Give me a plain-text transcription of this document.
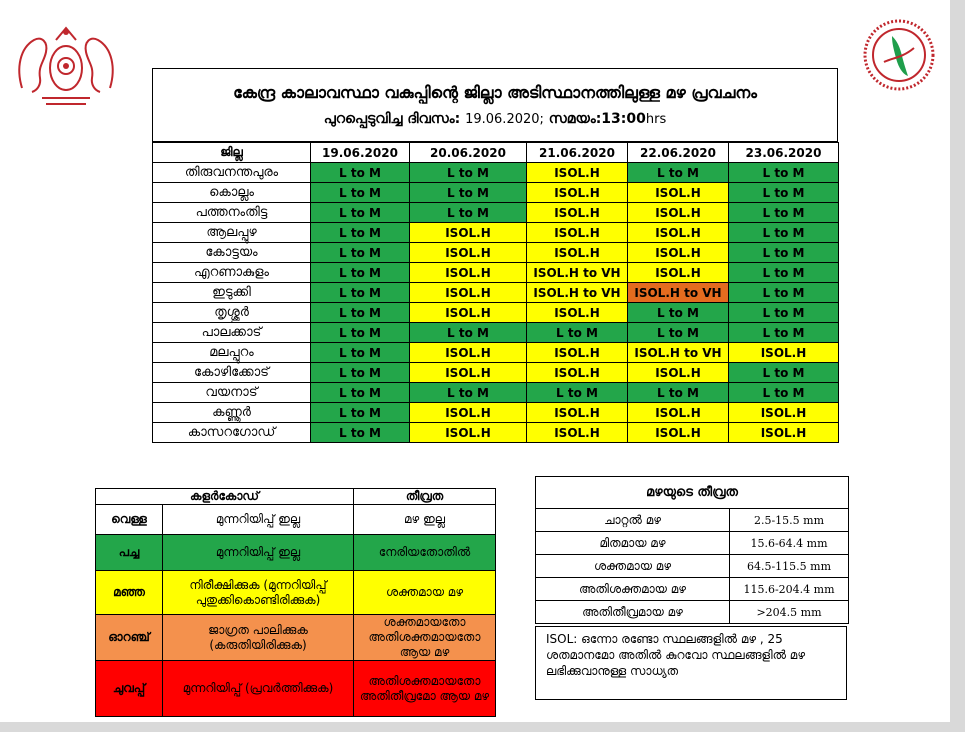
കേന്ദ്ര കാലാവസ്ഥാ വകുപ്പിന്റെ ജില്ലാ അടിസ്ഥാനത്തിലുള്ള മഴ പ്രവചനം
പുറപ്പെടുവിച്ച ദിവസം: 19.06.2020; സമയം:13:00hrs
ജില്ല	19.06.2020	20.06.2020	21.06.2020	22.06.2020	23.06.2020
തിരുവനന്തപുരം	L to M	L to M	ISOL.H	L to M	L to M
കൊല്ലം	L to M	L to M	ISOL.H	ISOL.H	L to M
പത്തനംതിട്ട	L to M	L to M	ISOL.H	ISOL.H	L to M
ആലപ്പുഴ	L to M	ISOL.H	ISOL.H	ISOL.H	L to M
കോട്ടയം	L to M	ISOL.H	ISOL.H	ISOL.H	L to M
എറണാകുളം	L to M	ISOL.H	ISOL.H to VH	ISOL.H	L to M
ഇടുക്കി	L to M	ISOL.H	ISOL.H to VH	ISOL.H to VH	L to M
തൃശ്ശൂർ	L to M	ISOL.H	ISOL.H	L to M	L to M
പാലക്കാട്	L to M	L to M	L to M	L to M	L to M
മലപ്പുറം	L to M	ISOL.H	ISOL.H	ISOL.H to VH	ISOL.H
കോഴിക്കോട്	L to M	ISOL.H	ISOL.H	ISOL.H	L to M
വയനാട്	L to M	L to M	L to M	L to M	L to M
കണ്ണൂർ	L to M	ISOL.H	ISOL.H	ISOL.H	ISOL.H
കാസറഗോഡ്	L to M	ISOL.H	ISOL.H	ISOL.H	ISOL.H
കളർകോഡ്		തീവ്രത
വെള്ള	മുന്നറിയിപ്പ് ഇല്ല	മഴ ഇല്ല
പച്ച	മുന്നറിയിപ്പ് ഇല്ല	നേരിയതോതിൽ
മഞ്ഞ	നിരീക്ഷിക്കുക (മുന്നറിയിപ്പ് പുതുക്കികൊണ്ടിരിക്കുക)	ശക്തമായ മഴ
ഓറഞ്ച്	ജാഗ്രത പാലിക്കുക (കരുതിയിരിക്കുക)	ശക്തമായതോ അതിശക്തമായതോ ആയ മഴ
ചുവപ്പ്	മുന്നറിയിപ്പ് (പ്രവർത്തിക്കുക)	അതിശക്തമായതോ അതിതീവ്രമോ ആയ മഴ
മഴയുടെ തീവ്രത	
ചാറ്റൽ മഴ	2.5-15.5 mm
മിതമായ മഴ	15.6-64.4 mm
ശക്തമായ മഴ	64.5-115.5 mm
അതിശക്തമായ മഴ	115.6-204.4 mm
അതിതീവ്രമായ മഴ	>204.5 mm
ISOL: ഒന്നോ രണ്ടോ സ്ഥലങ്ങളിൽ മഴ , 25 ശതമാനമോ അതിൽ കുറവോ സ്ഥലങ്ങളിൽ മഴ ലഭിക്കുവാനുള്ള സാധ്യത
